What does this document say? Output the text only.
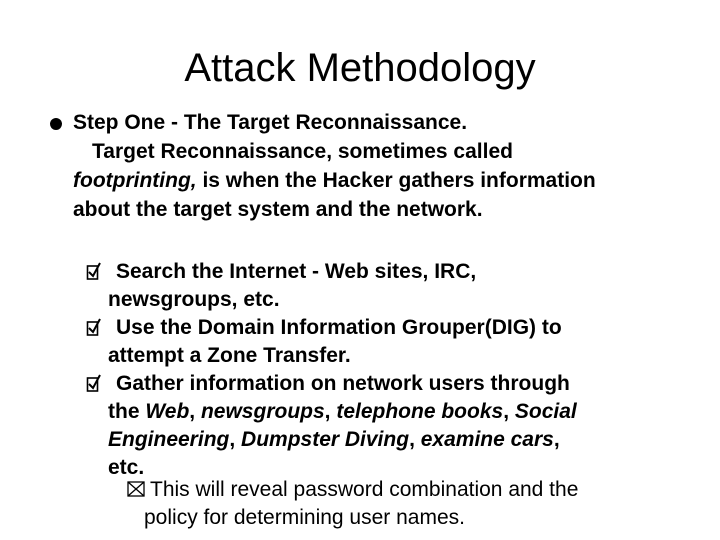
Attack Methodology
Step One - The Target Reconnaissance.
Target Reconnaissance, sometimes called
footprinting, is when the Hacker gathers information
about the target system and the network.
Search the Internet - Web sites, IRC,
newsgroups, etc.
Use the Domain Information Grouper(DIG) to
attempt a Zone Transfer.
Gather information on network users through
the Web, newsgroups, telephone books, Social
Engineering, Dumpster Diving, examine cars,
etc.
This will reveal password combination and the
policy for determining user names.
